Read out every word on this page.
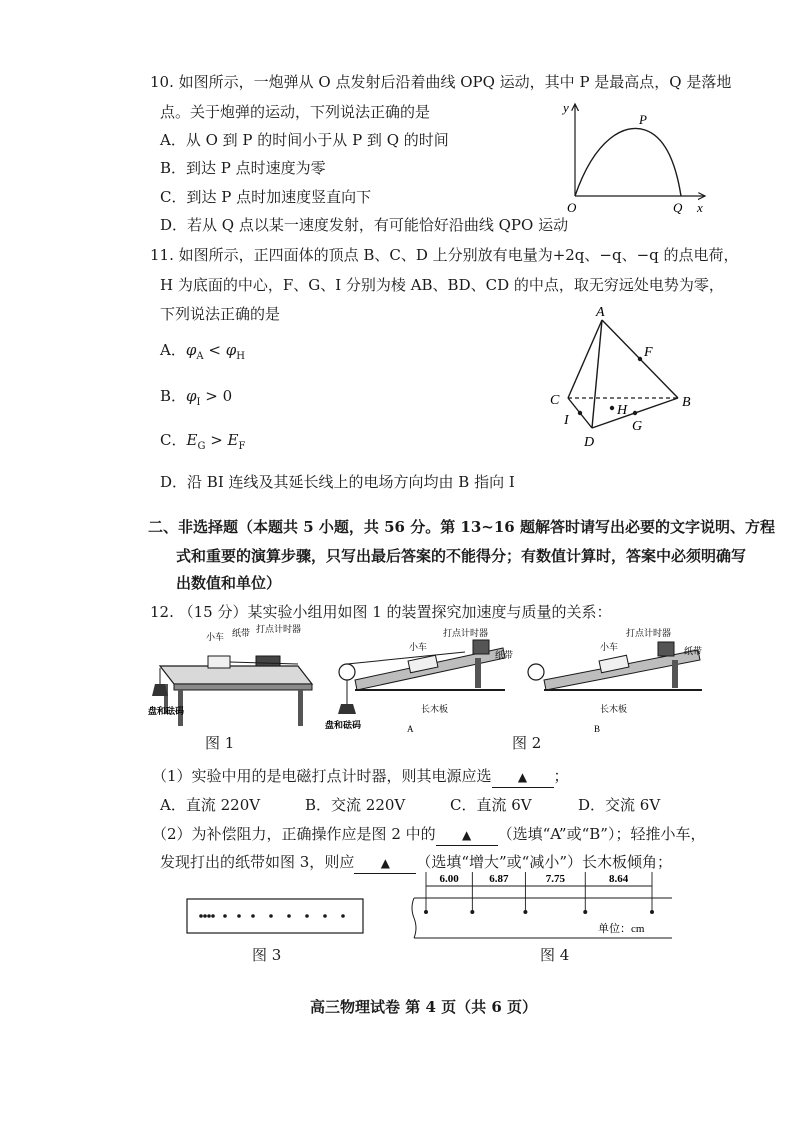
10. 如图所示，一炮弹从 O 点发射后沿着曲线 OPQ 运动，其中 P 是最高点，Q 是落地
点。关于炮弹的运动，下列说法正确的是
A．从 O 到 P 的时间小于从 P 到 Q 的时间
B．到达 P 点时速度为零
C．到达 P 点时加速度竖直向下
D．若从 Q 点以某一速度发射，有可能恰好沿曲线 QPO 运动
y
P
O	Q x
11. 如图所示，正四面体的顶点 B、C、D 上分别放有电量为+2q、−q、−q 的点电荷，
H 为底面的中心，F、G、I 分别为棱 AB、BD、CD 的中点，取无穷远处电势为零，
下列说法正确的是
A．$\varphi_A < \varphi_H$
B．$\varphi_I > 0$
C．$E_G > E_F$
D．沿 BI 连线及其延长线上的电场方向均由 B 指向 I
A
B
C
D
F
G
H
I
二、非选择题（本题共 5 小题，共 56 分。第 13~16 题解答时请写出必要的文字说明、方程
式和重要的演算步骤，只写出最后答案的不能得分；有数值计算时，答案中必须明确写
出数值和单位）
12. （15 分）某实验小组用如图 1 的装置探究加速度与质量的关系：
小车 纸带 打点计时器
盘和砝码
图 1
打点计时器
小车
纸带
长木板
盘和砝码	A
打点计时器
小车	纸带
长木板
B
图 2
（1）实验中用的是电磁打点计时器，则其电源应选 ▲ ；
A．直流 220V	B．交流 220V	C．直流 6V	D．交流 6V
（2）为补偿阻力，正确操作应是图 2 中的 ▲ （选填“A”或“B”）；轻推小车，
发现打出的纸带如图 3，则应 ▲ （选填“增大”或“减小”）长木板倾角；
图 3
6.00	6.87	7.75	8.64
单位：cm
图 4
高三物理试卷 第 4 页（共 6 页）
